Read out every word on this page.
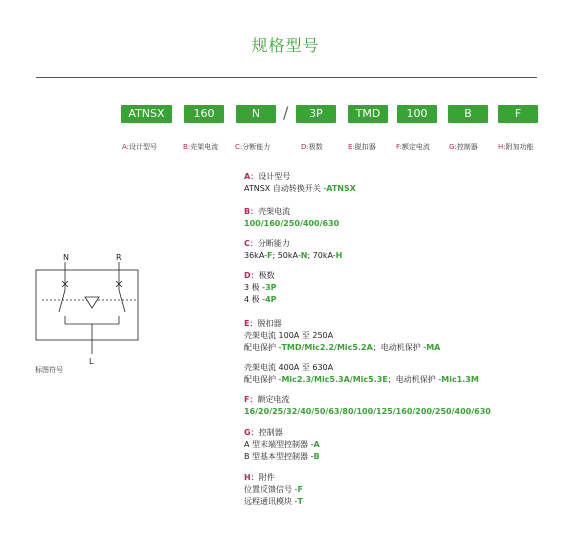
规格型号
ATNSX	160	N	/	3P	TMD	100	B	F
A:设计型号	B:壳架电流 C:分断能力	D:极数	E:脱扣器	F:额定电流	G:控制器	H:附加功能
N	R
L
标图符号
A：设计型号
ATNSX 自动转换开关 -ATNSX
B：壳架电流
100/160/250/400/630
C：分断能力
36kA-F; 50kA-N; 70kA-H
D：极数
3 极 -3P
4 极 -4P
E：脱扣器
壳架电流 100A 至 250A
配电保护 -TMD/Mic2.2/Mic5.2A；电动机保护 -MA
壳架电流 400A 至 630A
配电保护 -Mic2.3/Mic5.3A/Mic5.3E；电动机保护 -Mic1.3M
F：额定电流
16/20/25/32/40/50/63/80/100/125/160/200/250/400/630
G：控制器
A 型末端型控制器 -A
B 型基本型控制器 -B
H：附件
位置反馈信号 -F
远程通讯模块 -T
